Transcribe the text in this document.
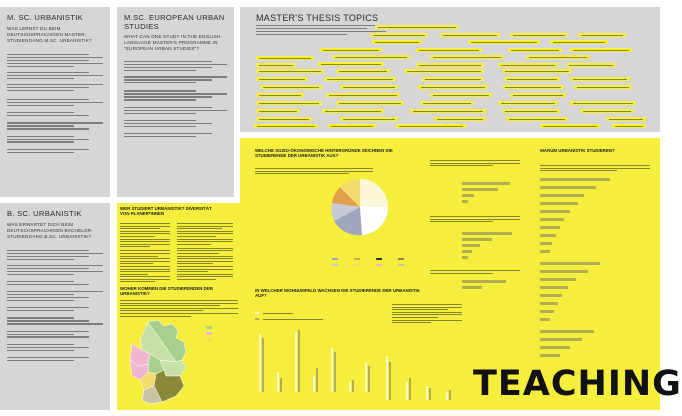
M. SC. URBANISTIK
WAS LERNST DU BEIM DEUTSCHSPRACHIGEN MASTER- STUDIENGANG M.SC. URBANISTIK?
M.SC. EUROPEAN URBAN STUDIES
WHAT CAN ONE STUDY IN THE ENGLISH-LANGUAGE MASTER'S PROGRAMME IN "EUROPEAN URBAN STUDIES"?
MASTER'S THESIS TOPICS
B. SC. URBANISTIK
WAS ERWARTET DICH BEIM DEUTSCHSPRACHIGEN BACHELOR- STUDIENGANG B.SC. URBANISTIK?
WER STUDIERT URBANISTIK? DIVERSITÄT VON PLANER*INNEN
WOHER KOMMEN DIE STUDIERENDEN DER URBANISTIK?
WELCHE SOZIO-ÖKONOMISCHE HINTERGRÜNDE ZEICHNEN DIE STUDIERENDE DER URBANISTIK AUS?
IN WELCHER WOHNUMFELD WACHSEN DIE STUDIERENDE DER URBANISTIK AUF?
WARUM URBANISTIK STUDIEREN?
TEACHING
